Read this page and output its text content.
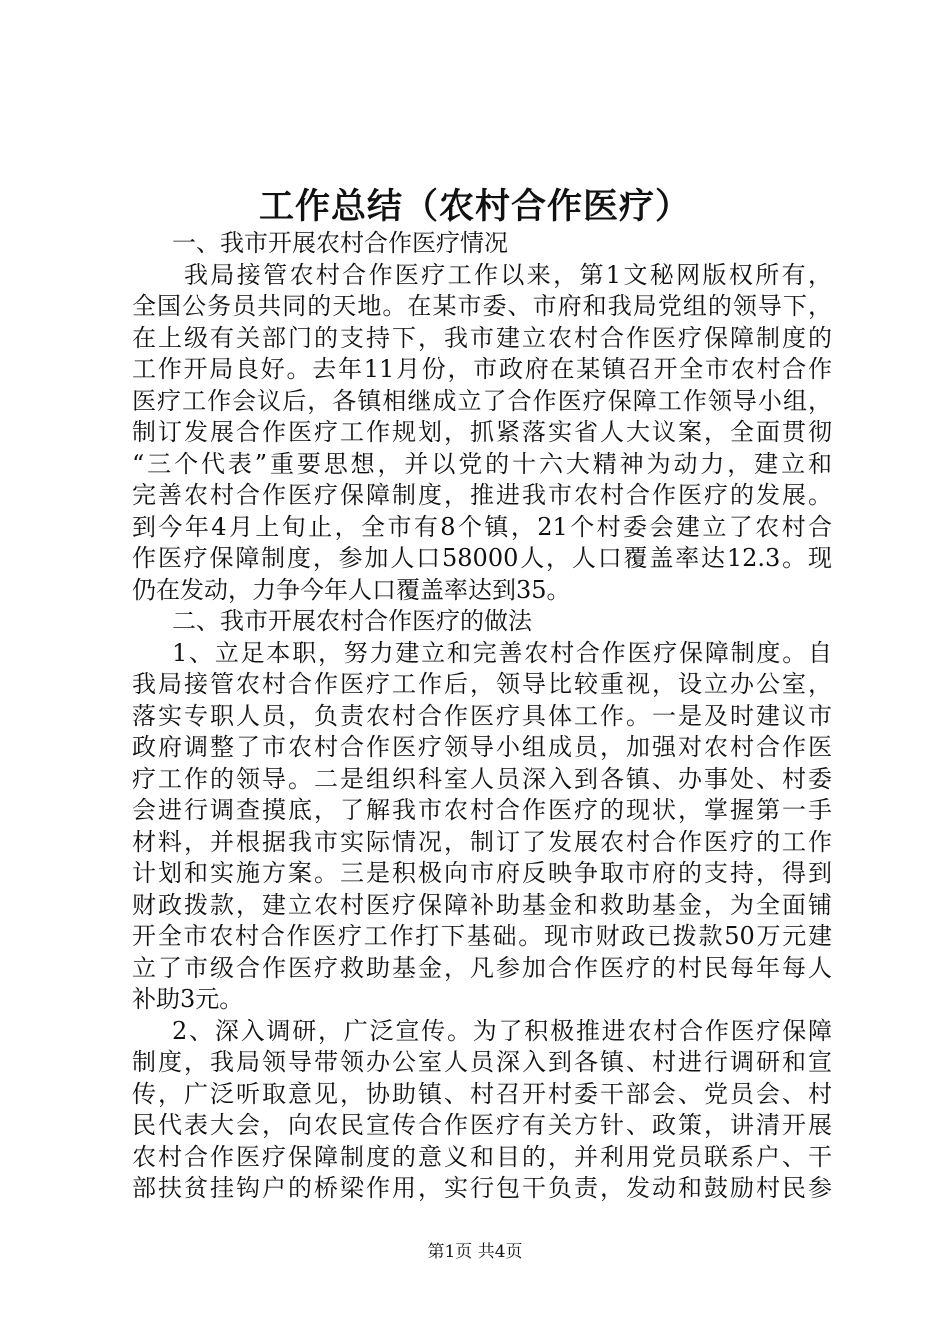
工作总结（农村合作医疗）
一、我市开展农村合作医疗情况
我局接管农村合作医疗工作以来，第1文秘网版权所有，
全国公务员共同的天地。在某市委、市府和我局党组的领导下，
在上级有关部门的支持下，我市建立农村合作医疗保障制度的
工作开局良好。去年11月份，市政府在某镇召开全市农村合作
医疗工作会议后，各镇相继成立了合作医疗保障工作领导小组，
制订发展合作医疗工作规划，抓紧落实省人大议案，全面贯彻
“三个代表”重要思想，并以党的十六大精神为动力，建立和
完善农村合作医疗保障制度，推进我市农村合作医疗的发展。
到今年4月上旬止，全市有8个镇，21个村委会建立了农村合
作医疗保障制度，参加人口58000人，人口覆盖率达12.3。现
仍在发动，力争今年人口覆盖率达到35。
二、我市开展农村合作医疗的做法
1、立足本职，努力建立和完善农村合作医疗保障制度。自
我局接管农村合作医疗工作后，领导比较重视，设立办公室，
落实专职人员，负责农村合作医疗具体工作。一是及时建议市
政府调整了市农村合作医疗领导小组成员，加强对农村合作医
疗工作的领导。二是组织科室人员深入到各镇、办事处、村委
会进行调查摸底，了解我市农村合作医疗的现状，掌握第一手
材料，并根据我市实际情况，制订了发展农村合作医疗的工作
计划和实施方案。三是积极向市府反映争取市府的支持，得到
财政拨款，建立农村医疗保障补助基金和救助基金，为全面铺
开全市农村合作医疗工作打下基础。现市财政已拨款50万元建
立了市级合作医疗救助基金，凡参加合作医疗的村民每年每人
补助3元。
2、深入调研，广泛宣传。为了积极推进农村合作医疗保障
制度，我局领导带领办公室人员深入到各镇、村进行调研和宣
传，广泛听取意见，协助镇、村召开村委干部会、党员会、村
民代表大会，向农民宣传合作医疗有关方针、政策，讲清开展
农村合作医疗保障制度的意义和目的，并利用党员联系户、干
部扶贫挂钩户的桥梁作用，实行包干负责，发动和鼓励村民参
第1页 共4页
